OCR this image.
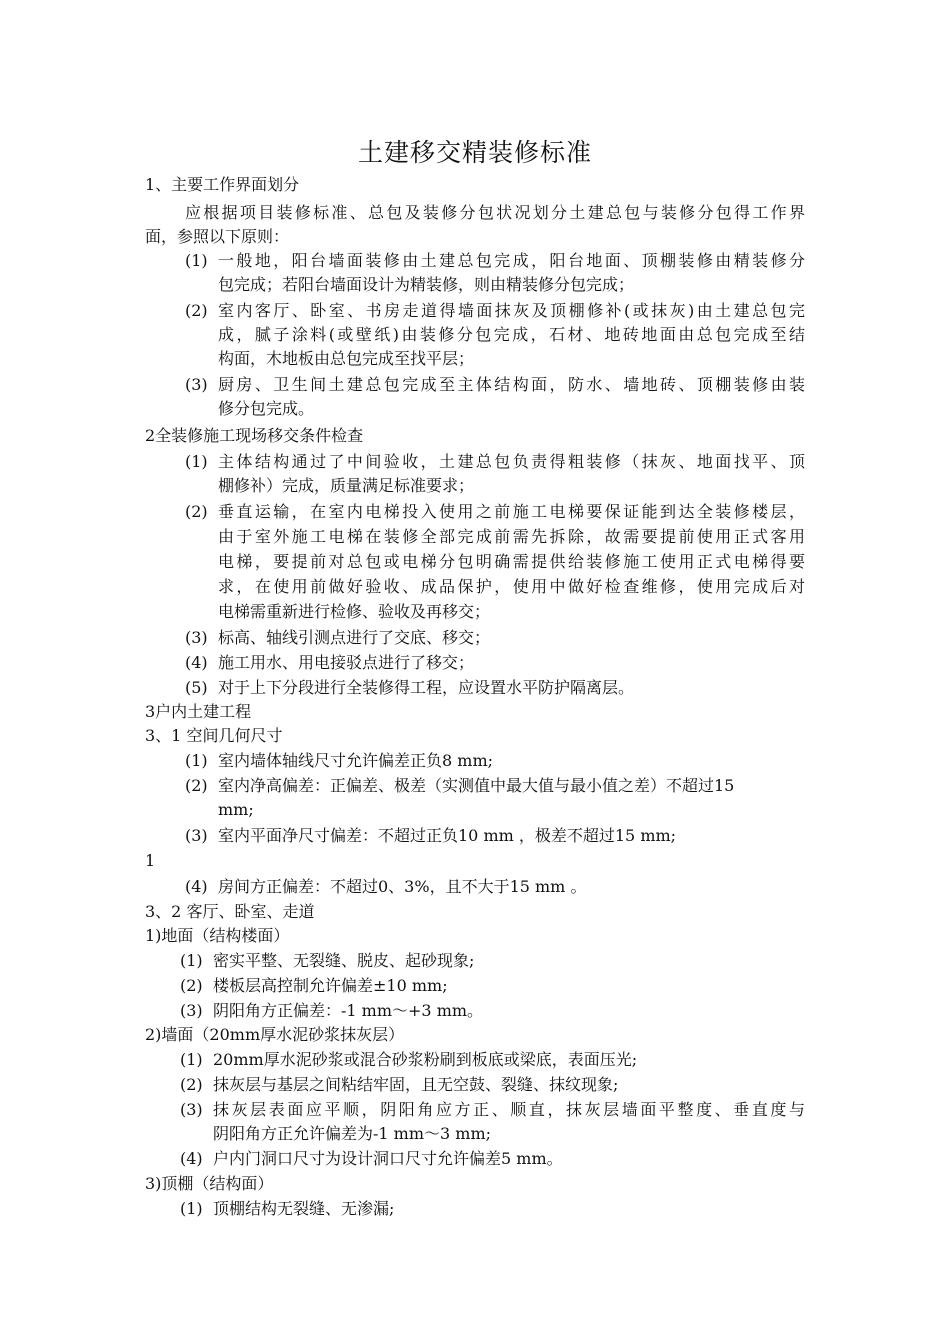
土建移交精装修标准
1、主要工作界面划分
应根据项目装修标准、总包及装修分包状况划分土建总包与装修分包得工作界
面，参照以下原则：
(1) 一般地，阳台墙面装修由土建总包完成，阳台地面、顶棚装修由精装修分
包完成；若阳台墙面设计为精装修，则由精装修分包完成；
(2) 室内客厅、卧室、书房走道得墙面抹灰及顶棚修补(或抹灰)由土建总包完
成，腻子涂料(或壁纸)由装修分包完成，石材、地砖地面由总包完成至结
构面，木地板由总包完成至找平层；
(3) 厨房、卫生间土建总包完成至主体结构面，防水、墙地砖、顶棚装修由装
修分包完成。
2全装修施工现场移交条件检查
(1) 主体结构通过了中间验收，土建总包负责得粗装修（抹灰、地面找平、顶
棚修补）完成，质量满足标准要求；
(2) 垂直运输，在室内电梯投入使用之前施工电梯要保证能到达全装修楼层，
由于室外施工电梯在装修全部完成前需先拆除，故需要提前使用正式客用
电梯，要提前对总包或电梯分包明确需提供给装修施工使用正式电梯得要
求，在使用前做好验收、成品保护，使用中做好检查维修，使用完成后对
电梯需重新进行检修、验收及再移交；
(3) 标高、轴线引测点进行了交底、移交；
(4) 施工用水、用电接驳点进行了移交；
(5) 对于上下分段进行全装修得工程，应设置水平防护隔离层。
3户内土建工程
3、1 空间几何尺寸
(1) 室内墙体轴线尺寸允许偏差正负8 mm;
(2) 室内净高偏差：正偏差、极差（实测值中最大值与最小值之差）不超过15
mm;
(3) 室内平面净尺寸偏差：不超过正负10 mm ，极差不超过15 mm;
1
(4) 房间方正偏差：不超过0、3%，且不大于15 mm 。
3、2 客厅、卧室、走道
1)地面（结构楼面）
(1) 密实平整、无裂缝、脱皮、起砂现象;
(2) 楼板层高控制允许偏差±10 mm;
(3) 阴阳角方正偏差：-1 mm～+3 mm。
2)墙面（20mm厚水泥砂浆抹灰层）
(1) 20mm厚水泥砂浆或混合砂浆粉刷到板底或梁底，表面压光;
(2) 抹灰层与基层之间粘结牢固，且无空鼓、裂缝、抹纹现象;
(3) 抹灰层表面应平顺，阴阳角应方正、顺直，抹灰层墙面平整度、垂直度与
阴阳角方正允许偏差为-1 mm～3 mm;
(4) 户内门洞口尺寸为设计洞口尺寸允许偏差5 mm。
3)顶棚（结构面）
(1) 顶棚结构无裂缝、无渗漏;
